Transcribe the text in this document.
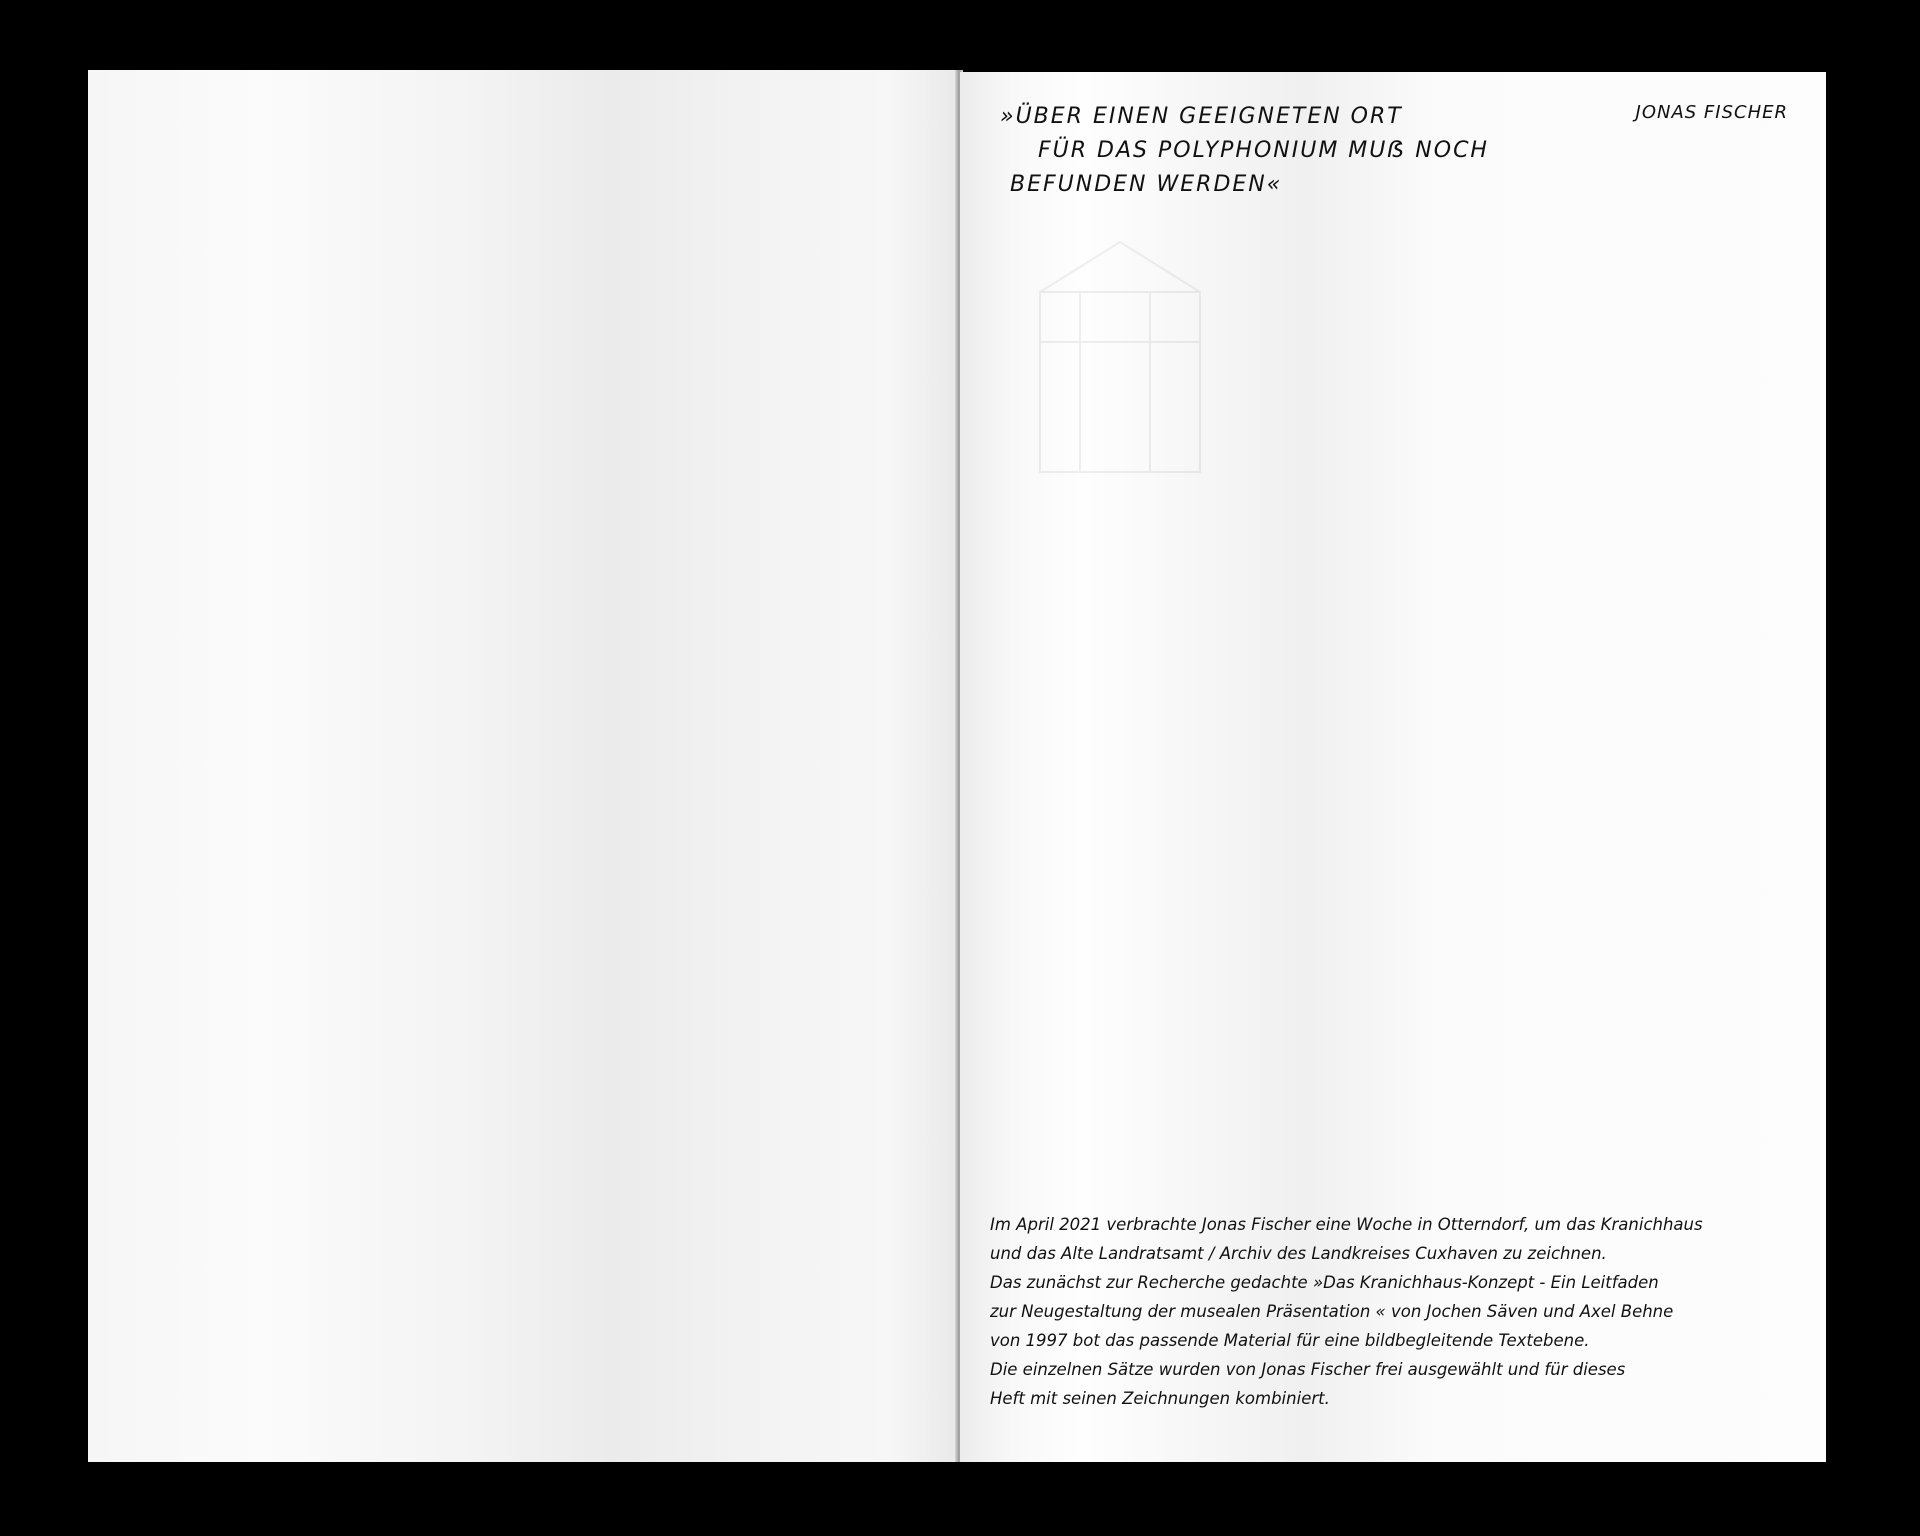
»ÜBER EINEN GEEIGNETEN ORT
FÜR DAS POLYPHONIUM MUẞ NOCH
BEFUNDEN WERDEN«
JONAS FISCHER
Im April 2021 verbrachte Jonas Fischer eine Woche in Otterndorf, um das Kranichhaus
und das Alte Landratsamt / Archiv des Landkreises Cuxhaven zu zeichnen.
Das zunächst zur Recherche gedachte »Das Kranichhaus-Konzept - Ein Leitfaden
zur Neugestaltung der musealen Präsentation « von Jochen Säven und Axel Behne
von 1997 bot das passende Material für eine bildbegleitende Textebene.
Die einzelnen Sätze wurden von Jonas Fischer frei ausgewählt und für dieses
Heft mit seinen Zeichnungen kombiniert.
